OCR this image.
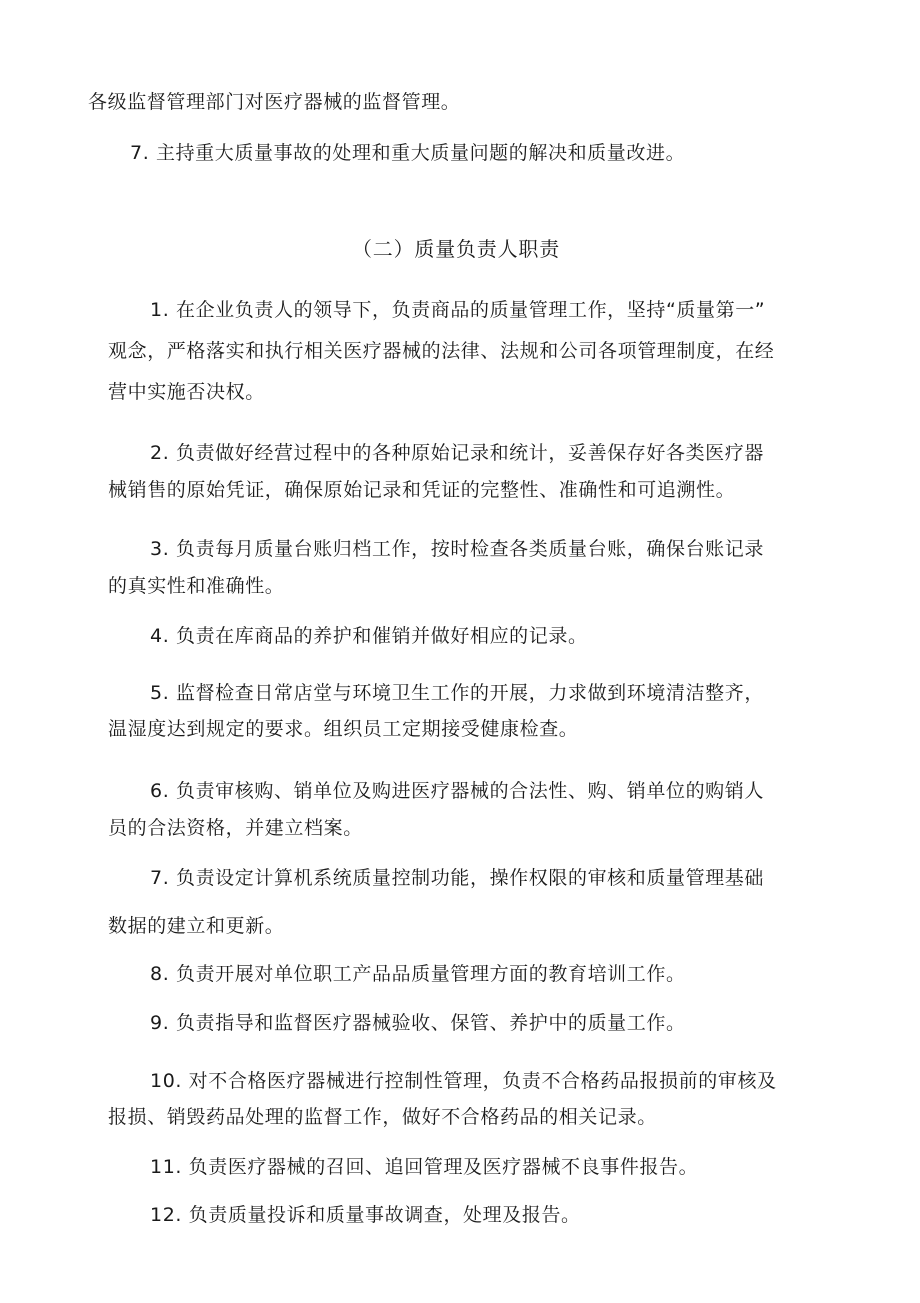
各级监督管理部门对医疗器械的监督管理。
7. 主持重大质量事故的处理和重大质量问题的解决和质量改进。
（二）质量负责人职责
1. 在企业负责人的领导下，负责商品的质量管理工作，坚持“质量第一”
观念，严格落实和执行相关医疗器械的法律、法规和公司各项管理制度，在经
营中实施否决权。
2. 负责做好经营过程中的各种原始记录和统计，妥善保存好各类医疗器
械销售的原始凭证，确保原始记录和凭证的完整性、准确性和可追溯性。
3. 负责每月质量台账归档工作，按时检查各类质量台账，确保台账记录
的真实性和准确性。
4. 负责在库商品的养护和催销并做好相应的记录。
5. 监督检查日常店堂与环境卫生工作的开展，力求做到环境清洁整齐，
温湿度达到规定的要求。组织员工定期接受健康检查。
6. 负责审核购、销单位及购进医疗器械的合法性、购、销单位的购销人
员的合法资格，并建立档案。
7. 负责设定计算机系统质量控制功能，操作权限的审核和质量管理基础
数据的建立和更新。
8. 负责开展对单位职工产品品质量管理方面的教育培训工作。
9. 负责指导和监督医疗器械验收、保管、养护中的质量工作。
10. 对不合格医疗器械进行控制性管理，负责不合格药品报损前的审核及
报损、销毁药品处理的监督工作，做好不合格药品的相关记录。
11. 负责医疗器械的召回、追回管理及医疗器械不良事件报告。
12. 负责质量投诉和质量事故调查，处理及报告。
